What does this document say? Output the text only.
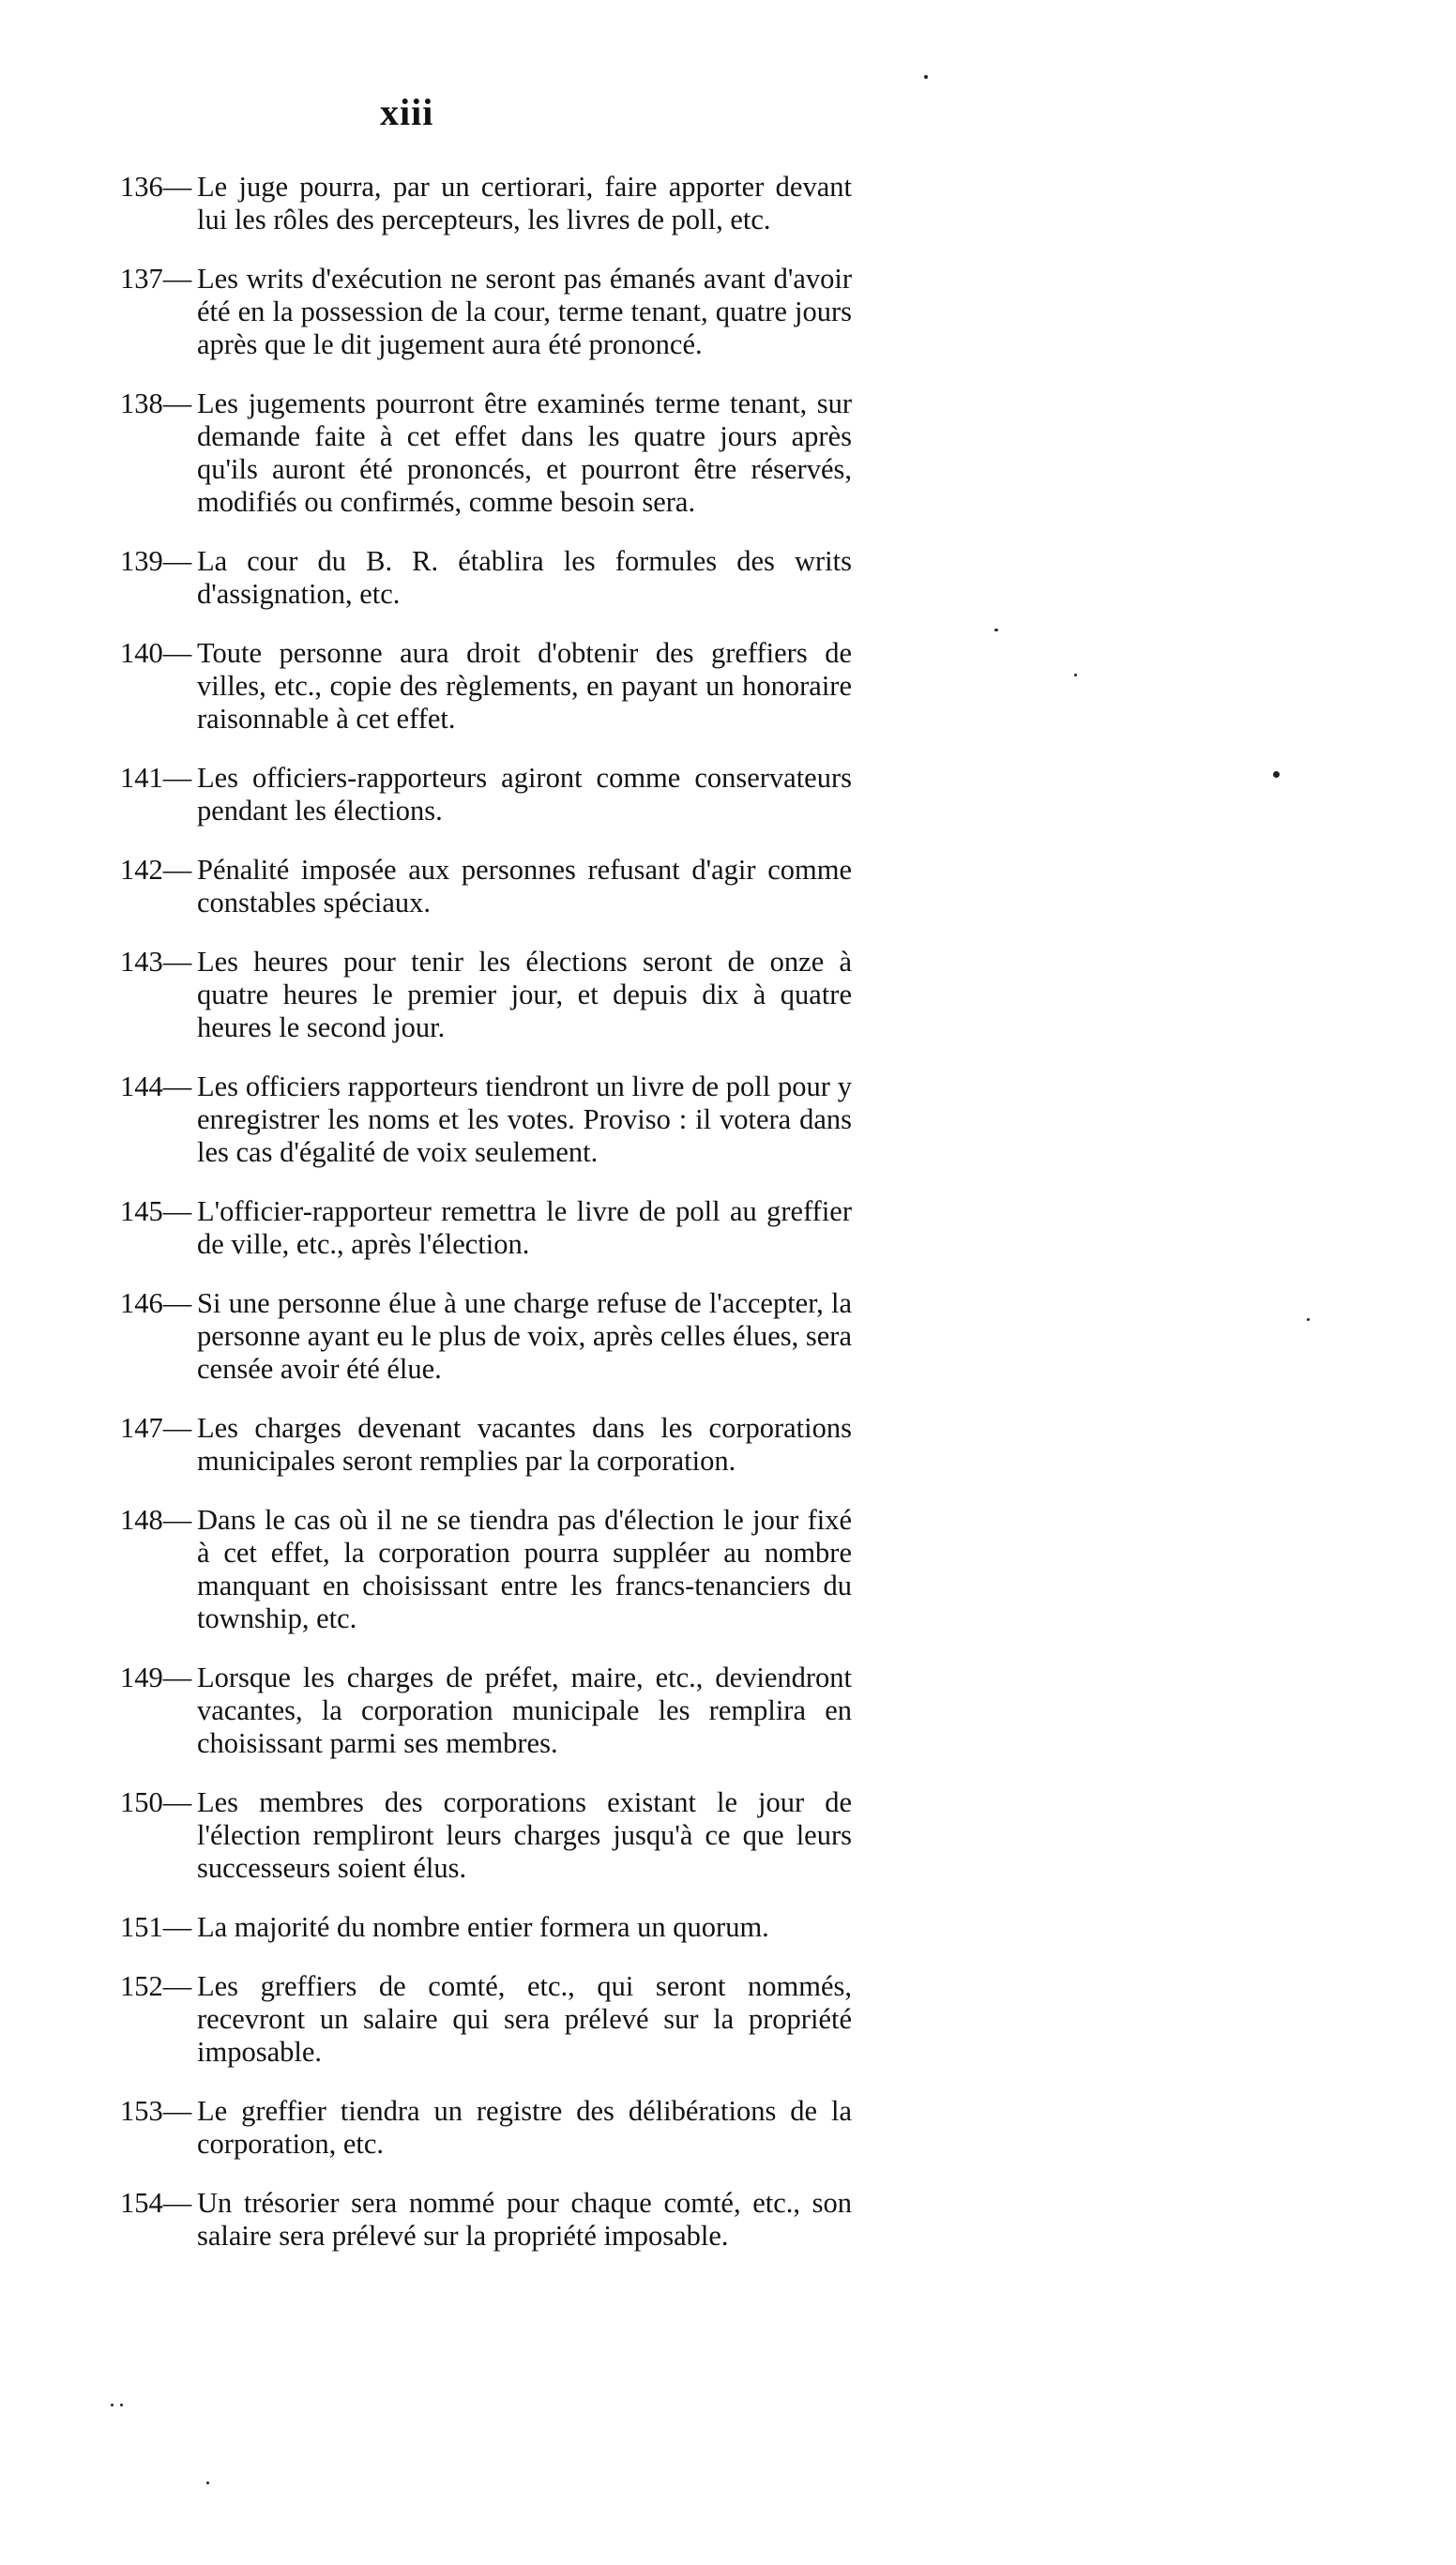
xiii
136 —	Le juge pourra, par un certiorari, faire apporter devant lui les rôles des percepteurs, les livres de poll, etc.
137 —	Les writs d'exécution ne seront pas émanés avant d'avoir été en la possession de la cour, terme tenant, quatre jours après que le dit jugement aura été prononcé.
138 —	Les jugements pourront être examinés terme tenant, sur demande faite à cet effet dans les quatre jours après qu'ils auront été prononcés, et pourront être réservés, modifiés ou confirmés, comme besoin sera.
139 —	La cour du B. R. établira les formules des writs d'assignation, etc.
140 —	Toute personne aura droit d'obtenir des greffiers de villes, etc., copie des règlements, en payant un honoraire raisonnable à cet effet.
141 —	Les officiers-rapporteurs agiront comme conservateurs pendant les élections.
142 —	Pénalité imposée aux personnes refusant d'agir comme constables spéciaux.
143 —	Les heures pour tenir les élections seront de onze à quatre heures le premier jour, et depuis dix à quatre heures le second jour.
144 —	Les officiers rapporteurs tiendront un livre de poll pour y enregistrer les noms et les votes. Proviso : il votera dans les cas d'égalité de voix seulement.
145 —	L'officier-rapporteur remettra le livre de poll au greffier de ville, etc., après l'élection.
146 —	Si une personne élue à une charge refuse de l'accepter, la personne ayant eu le plus de voix, après celles élues, sera censée avoir été élue.
147 —	Les charges devenant vacantes dans les corporations municipales seront remplies par la corporation.
148 —	Dans le cas où il ne se tiendra pas d'élection le jour fixé à cet effet, la corporation pourra suppléer au nombre manquant en choisissant entre les francs-tenanciers du township, etc.
149 —	Lorsque les charges de préfet, maire, etc., deviendront vacantes, la corporation municipale les remplira en choisissant parmi ses membres.
150 —	Les membres des corporations existant le jour de l'élection rempliront leurs charges jusqu'à ce que leurs successeurs soient élus.
151 —	La majorité du nombre entier formera un quorum.
152 —	Les greffiers de comté, etc., qui seront nommés, recevront un salaire qui sera prélevé sur la propriété imposable.
153 —	Le greffier tiendra un registre des délibérations de la corporation, etc.
154 —	Un trésorier sera nommé pour chaque comté, etc., son salaire sera prélevé sur la propriété imposable.
